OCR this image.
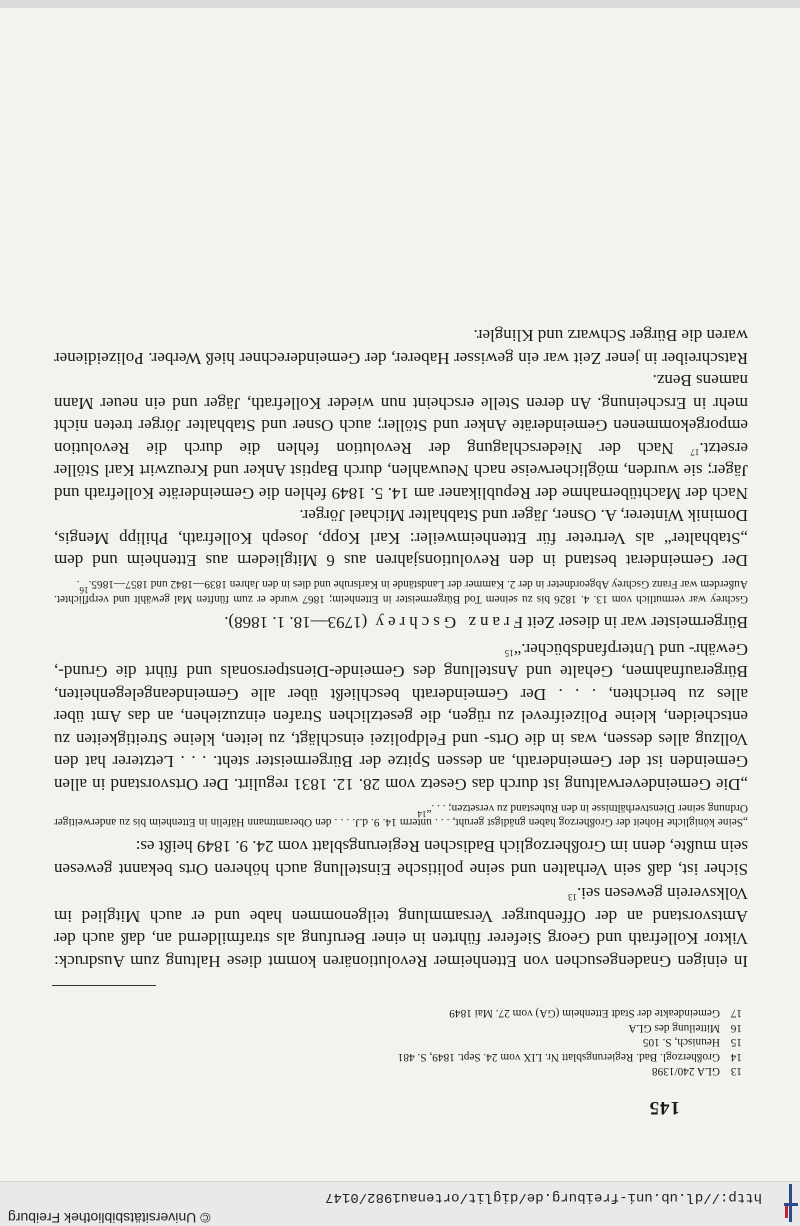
© Universitätsbibliothek Freiburg
http://dl.ub.uni-freiburg.de/diglit/ortenau1982/0147
145
13GLA 240/1398
14Großherzogl. Bad. Regierungsblatt Nr. LIX vom 24. Sept. 1849, S. 481
15Heunisch, S. 105
16Mitteilung des GLA
17Gemeindeakte der Stadt Ettenheim (GA) vom 27. Mai 1849

In einigen Gnadengesuchen von Ettenheimer Revolutionären kommt diese Haltung zum Ausdruck: Viktor Kollefrath und Georg Sieferer führten in einer Berufung als strafmildernd an, daß auch der Amtsvorstand an der Offenburger Versammlung teilgenommen habe und er auch Mitglied im Volksverein gewesen sei.$^{13}$

Sicher ist, daß sein Verhalten und seine politische Einstellung auch höheren Orts bekannt gewesen sein mußte, denn im Großherzoglich Badischen Regierungsblatt vom 24. 9. 1849 heißt es:

„Seine königliche Hoheit der Großherzog haben gnädigst geruht, . . . unterm 14. 9. d.J. . . . den Oberamtmann Häfelin in Ettenheim bis zu anderweitiger Ordnung seiner Dienstverhältnisse in den Ruhestand zu versetzen; . . .“$^{14}$

„Die Gemeindeverwaltung ist durch das Gesetz vom 28. 12. 1831 regulirt. Der Ortsvorstand in allen Gemeinden ist der Gemeinderath, an dessen Spitze der Bürgermeister steht. . . . Letzterer hat den Vollzug alles dessen, was in die Orts- und Feldpolizei einschlägt, zu leiten, kleine Streitigkeiten zu entscheiden, kleine Polizeifrevel zu rügen, die gesetzlichen Strafen einzuziehen, an das Amt über alles zu berichten, . . . Der Gemeinderath beschließt über alle Gemeindeangelegenheiten, Bürgeraufnahmen, Gehalte und Anstellung des Gemeinde-Dienstpersonals und führt die Grund-, Gewähr- und Unterpfandsbücher.“$^{15}$

Bürgermeister war in dieser Zeit Franz Gschrey (1793—18. 1. 1868).

Gschrey war vermutlich vom 13. 4. 1826 bis zu seinem Tod Bürgermeister in Ettenheim; 1867 wurde er zum fünften Mal gewählt und verpflichtet. Außerdem war Franz Gschrey Abgeordneter in der 2. Kammer der Landstände in Karlsruhe und dies in den Jahren 1839—1842 und 1857—1865.16.

Der Gemeinderat bestand in den Revolutionsjahren aus 6 Mitgliedern aus Ettenheim und dem „Stabhalter“ als Vertreter für Ettenheimweiler: Karl Kopp, Joseph Kollefrath, Philipp Mengis, Dominik Winterer, A. Osner, Jäger und Stabhalter Michael Jörger.

Nach der Machtübernahme der Republikaner am 14. 5. 1849 fehlen die Gemeinderäte Kollefrath und Jäger; sie wurden, möglicherweise nach Neuwahlen, durch Baptist Anker und Kreuzwirt Karl Stöller ersetzt.$^{17}$ Nach der Niederschlagung der Revolution fehlen die durch die Revolution emporgekommenen Gemeinderäte Anker und Stöller; auch Osner und Stabhalter Jörger treten nicht mehr in Erscheinung. An deren Stelle erscheint nun wieder Kollefrath, Jäger und ein neuer Mann namens Benz.
Ratschreiber in jener Zeit war ein gewisser Haberer, der Gemeinderechner hieß Werber. Polizeidiener waren die Bürger Schwarz und Klingler.
